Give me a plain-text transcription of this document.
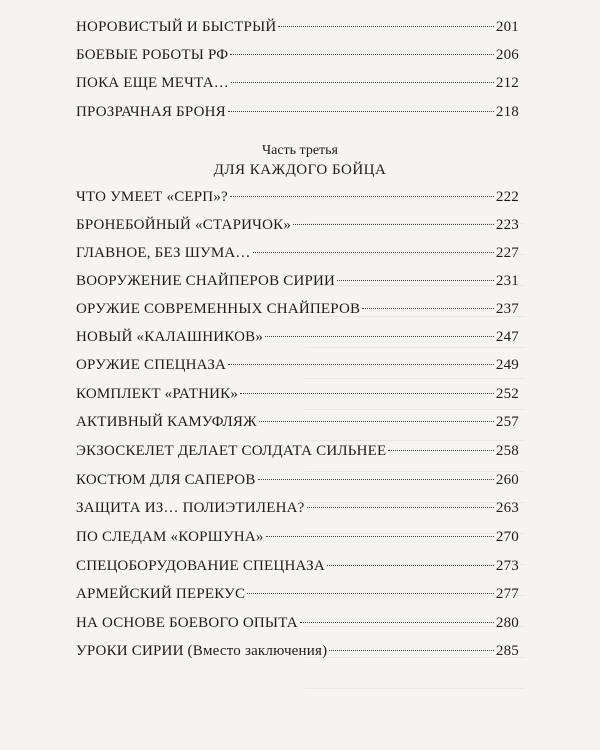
НОРОВИСТЫЙ И БЫСТРЫЙ	201
БОЕВЫЕ РОБОТЫ РФ	206
ПОКА ЕЩЕ МЕЧТА…	212
ПРОЗРАЧНАЯ БРОНЯ	218
Часть третья
ДЛЯ КАЖДОГО БОЙЦА
ЧТО УМЕЕТ «СЕРП»?	222
БРОНЕБОЙНЫЙ «СТАРИЧОК»	223
ГЛАВНОЕ, БЕЗ ШУМА…	227
ВООРУЖЕНИЕ СНАЙПЕРОВ СИРИИ	231
ОРУЖИЕ СОВРЕМЕННЫХ СНАЙПЕРОВ	237
НОВЫЙ «КАЛАШНИКОВ»	247
ОРУЖИЕ СПЕЦНАЗА	249
КОМПЛЕКТ «РАТНИК»	252
АКТИВНЫЙ КАМУФЛЯЖ	257
ЭКЗОСКЕЛЕТ ДЕЛАЕТ СОЛДАТА СИЛЬНЕЕ	258
КОСТЮМ ДЛЯ САПЕРОВ	260
ЗАЩИТА ИЗ… ПОЛИЭТИЛЕНА?	263
ПО СЛЕДАМ «КОРШУНА»	270
СПЕЦОБОРУДОВАНИЕ СПЕЦНАЗА	273
АРМЕЙСКИЙ ПЕРЕКУС	277
НА ОСНОВЕ БОЕВОГО ОПЫТА	280
УРОКИ СИРИИ (Вместо заключения)	285
